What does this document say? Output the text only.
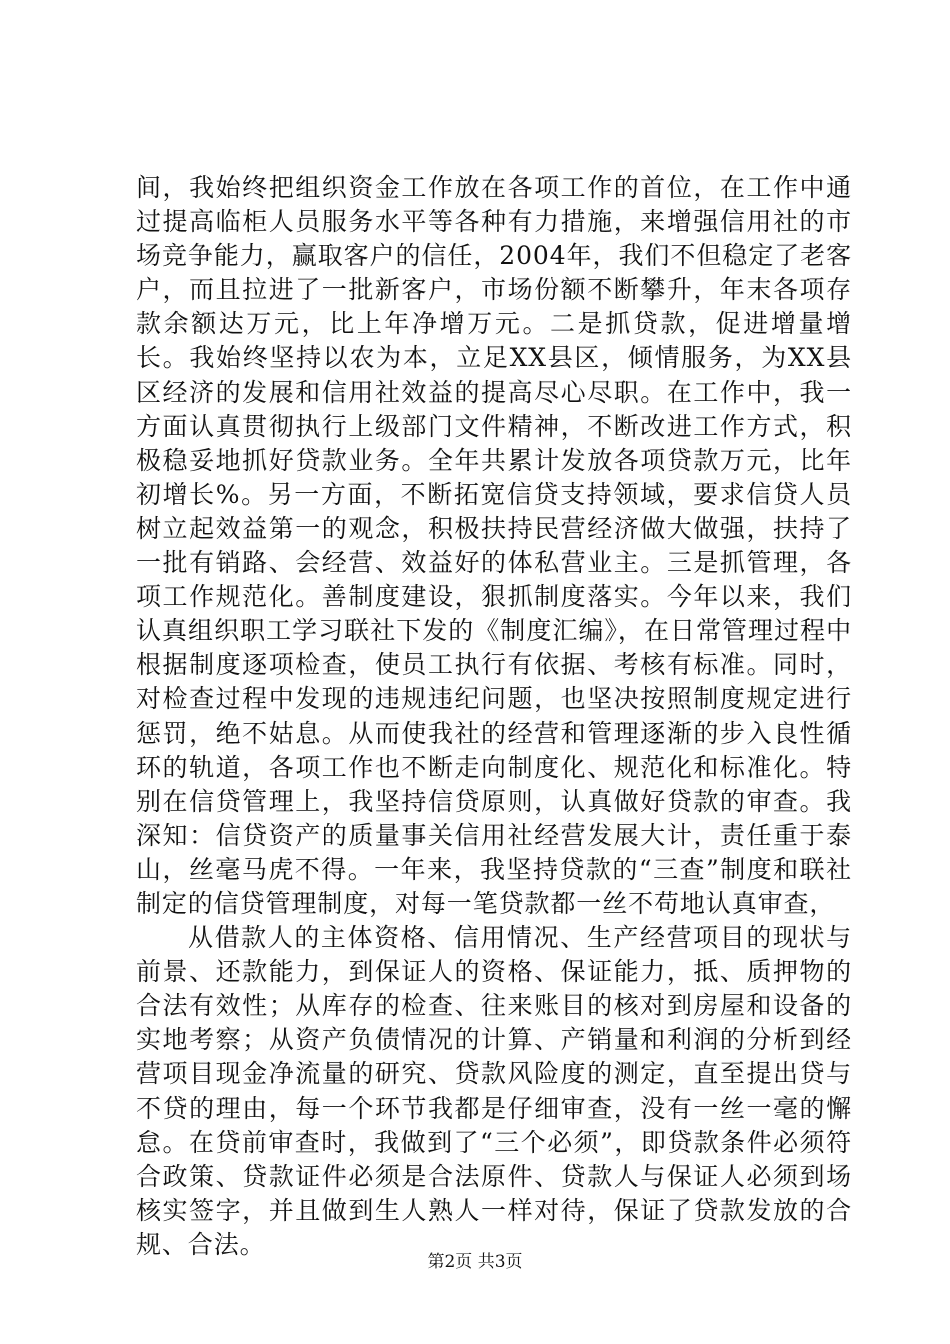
间，我始终把组织资金工作放在各项工作的首位，在工作中通过提高临柜人员服务水平等各种有力措施，来增强信用社的市场竞争能力，赢取客户的信任，2004年，我们不但稳定了老客户，而且拉进了一批新客户，市场份额不断攀升，年末各项存款余额达万元，比上年净增万元。二是抓贷款，促进增量增长。我始终坚持以农为本，立足XX县区，倾情服务，为XX县区经济的发展和信用社效益的提高尽心尽职。在工作中，我一方面认真贯彻执行上级部门文件精神，不断改进工作方式，积极稳妥地抓好贷款业务。全年共累计发放各项贷款万元，比年初增长%。另一方面，不断拓宽信贷支持领域，要求信贷人员树立起效益第一的观念，积极扶持民营经济做大做强，扶持了一批有销路、会经营、效益好的体私营业主。三是抓管理，各项工作规范化。善制度建设，狠抓制度落实。今年以来，我们认真组织职工学习联社下发的《制度汇编》，在日常管理过程中根据制度逐项检查，使员工执行有依据、考核有标准。同时，对检查过程中发现的违规违纪问题，也坚决按照制度规定进行惩罚，绝不姑息。从而使我社的经营和管理逐渐的步入良性循环的轨道，各项工作也不断走向制度化、规范化和标准化。特别在信贷管理上，我坚持信贷原则，认真做好贷款的审查。我深知：信贷资产的质量事关信用社经营发展大计，责任重于泰山，丝毫马虎不得。一年来，我坚持贷款的“三查”制度和联社制定的信贷管理制度，对每一笔贷款都一丝不苟地认真审查，

从借款人的主体资格、信用情况、生产经营项目的现状与前景、还款能力，到保证人的资格、保证能力，抵、质押物的合法有效性；从库存的检查、往来账目的核对到房屋和设备的实地考察；从资产负债情况的计算、产销量和利润的分析到经营项目现金净流量的研究、贷款风险度的测定，直至提出贷与不贷的理由，每一个环节我都是仔细审查，没有一丝一毫的懈怠。在贷前审查时，我做到了“三个必须”，即贷款条件必须符合政策、贷款证件必须是合法原件、贷款人与保证人必须到场核实签字，并且做到生人熟人一样对待，保证了贷款发放的合规、合法。

第2页 共3页
